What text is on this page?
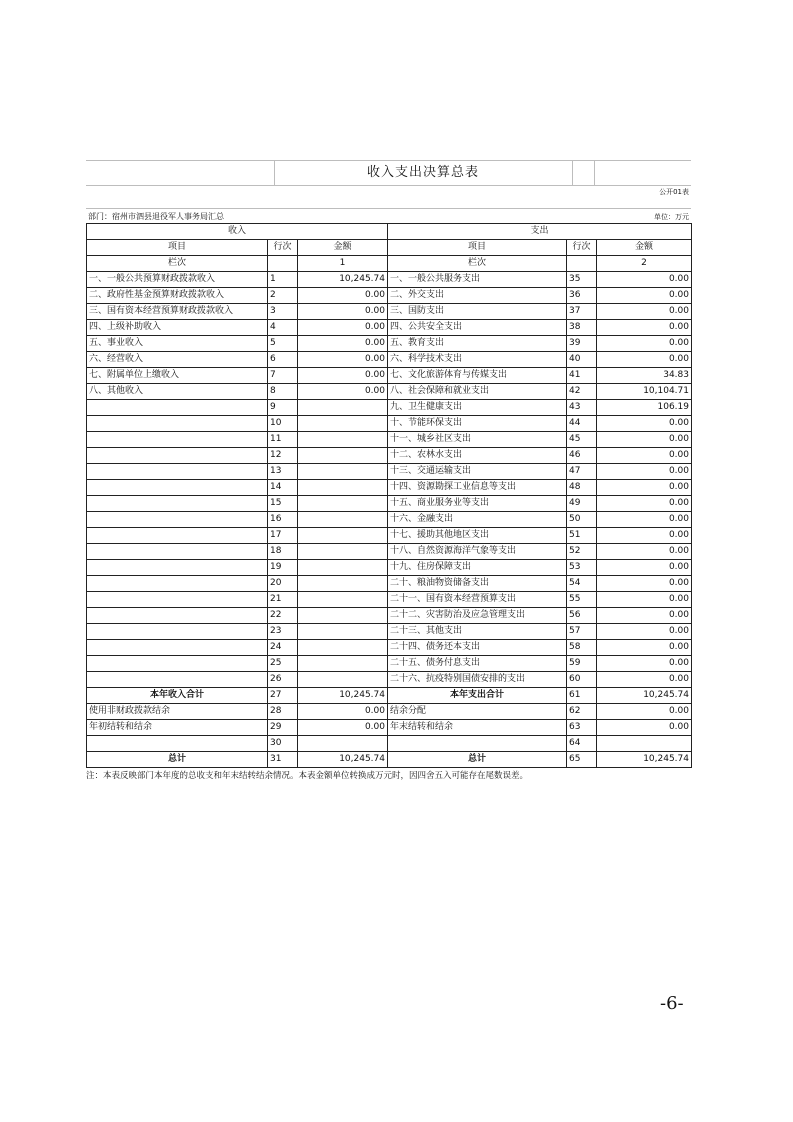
收入支出决算总表
公开01表
部门：宿州市泗县退役军人事务局汇总	单位：万元
收入			支出		
项目	行次	金额	项目	行次	金额
栏次		1	栏次		2
一、一般公共预算财政拨款收入	1	10,245.74	一、一般公共服务支出	35	0.00
二、政府性基金预算财政拨款收入	2	0.00	二、外交支出	36	0.00
三、国有资本经营预算财政拨款收入	3	0.00	三、国防支出	37	0.00
四、上级补助收入	4	0.00	四、公共安全支出	38	0.00
五、事业收入	5	0.00	五、教育支出	39	0.00
六、经营收入	6	0.00	六、科学技术支出	40	0.00
七、附属单位上缴收入	7	0.00	七、文化旅游体育与传媒支出	41	34.83
八、其他收入	8	0.00	八、社会保障和就业支出	42	10,104.71
	9		九、卫生健康支出	43	106.19
	10		十、节能环保支出	44	0.00
	11		十一、城乡社区支出	45	0.00
	12		十二、农林水支出	46	0.00
	13		十三、交通运输支出	47	0.00
	14		十四、资源勘探工业信息等支出	48	0.00
	15		十五、商业服务业等支出	49	0.00
	16		十六、金融支出	50	0.00
	17		十七、援助其他地区支出	51	0.00
	18		十八、自然资源海洋气象等支出	52	0.00
	19		十九、住房保障支出	53	0.00
	20		二十、粮油物资储备支出	54	0.00
	21		二十一、国有资本经营预算支出	55	0.00
	22		二十二、灾害防治及应急管理支出	56	0.00
	23		二十三、其他支出	57	0.00
	24		二十四、债务还本支出	58	0.00
	25		二十五、债务付息支出	59	0.00
	26		二十六、抗疫特别国债安排的支出	60	0.00
本年收入合计	27	10,245.74	本年支出合计	61	10,245.74
使用非财政拨款结余	28	0.00	结余分配	62	0.00
年初结转和结余	29	0.00	年末结转和结余	63	0.00
	30			64	
总计	31	10,245.74	总计	65	10,245.74
注：本表反映部门本年度的总收支和年末结转结余情况。本表金额单位转换成万元时，因四舍五入可能存在尾数误差。
-6-
